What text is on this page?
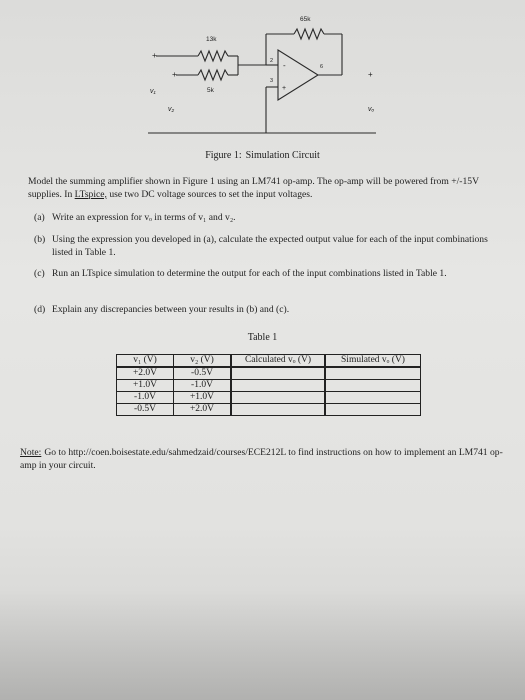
65k
13k
5k
2
3
6
+
+	+
-
+
v₁
v₂	vₒ
Figure 1: Simulation Circuit
Model the summing amplifier shown in Figure 1 using an LM741 op-amp. The op-amp will be powered from +/-15V supplies. In LTspice, use two DC voltage sources to set the input voltages.
(a) Write an expression for vₒ in terms of v₁ and v₂.
(b) Using the expression you developed in (a), calculate the expected output value for each of the input combinations listed in Table 1.
(c) Run an LTspice simulation to determine the output for each of the input combinations listed in Table 1.
(d) Explain any discrepancies between your results in (b) and (c).
Table 1
v₁ (V)	v₂ (V)	Calculated vₒ (V)	Simulated vₒ (V)
+2.0V	-0.5V		
+1.0V	-1.0V		
-1.0V	+1.0V		
-0.5V	+2.0V		
Note: Go to http://coen.boisestate.edu/sahmedzaid/courses/ECE212L to find instructions on how to implement an LM741 op-amp in your circuit.
